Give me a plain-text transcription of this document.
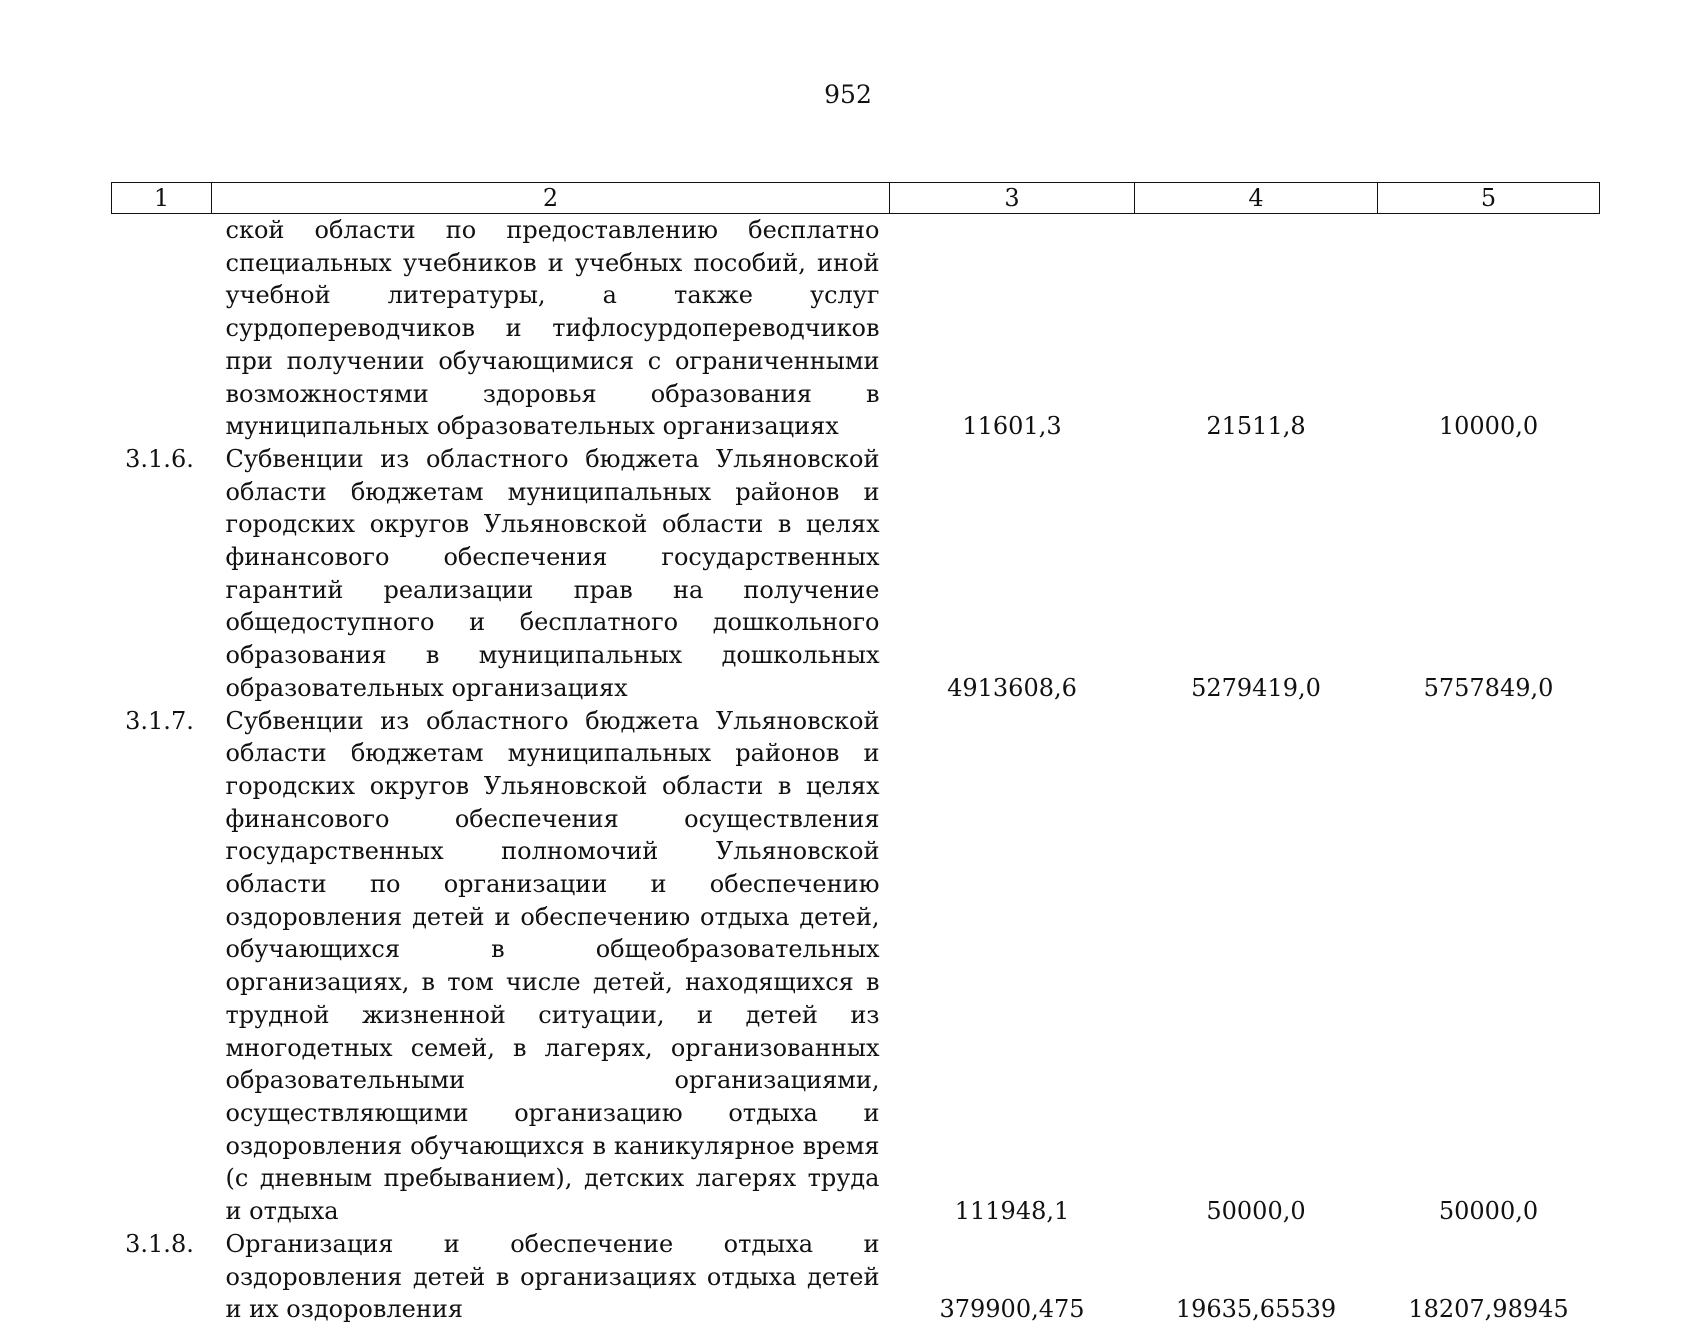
952
1	2	3	4	5
	ской области по предоставлению бесплатно специальных учебников и учебных пособий, иной учебной литературы, а также услуг сурдопереводчиков и тифлосурдопереводчиков при получении обучающимися с ограниченными возможностями здоровья образования в муниципальных образовательных организациях	11601,3	21511,8	10000,0
3.1.6.	Субвенции из областного бюджета Ульяновской области бюджетам муниципальных районов и городских округов Ульяновской области в целях финансового обеспечения государственных гарантий реализации прав на получение общедоступного и бесплатного дошкольного образования в муниципальных дошкольных образовательных организациях	4913608,6	5279419,0	5757849,0
3.1.7.	Субвенции из областного бюджета Ульяновской области бюджетам муниципальных районов и городских округов Ульяновской области в целях финансового обеспечения осуществления государственных полномочий Ульяновской области по организации и обеспечению оздоровления детей и обеспечению отдыха детей, обучающихся в общеобразовательных организациях, в том числе детей, находящихся в трудной жизненной ситуации, и детей из многодетных семей, в лагерях, организованных образовательными организациями, осуществляющими организацию отдыха и оздоровления обучающихся в каникулярное время (с дневным пребыванием), детских лагерях труда и отдыха	111948,1	50000,0	50000,0
3.1.8.	Организация и обеспечение отдыха и оздоровления детей в организациях отдыха детей и их оздоровления	379900,475	19635,65539	18207,98945
